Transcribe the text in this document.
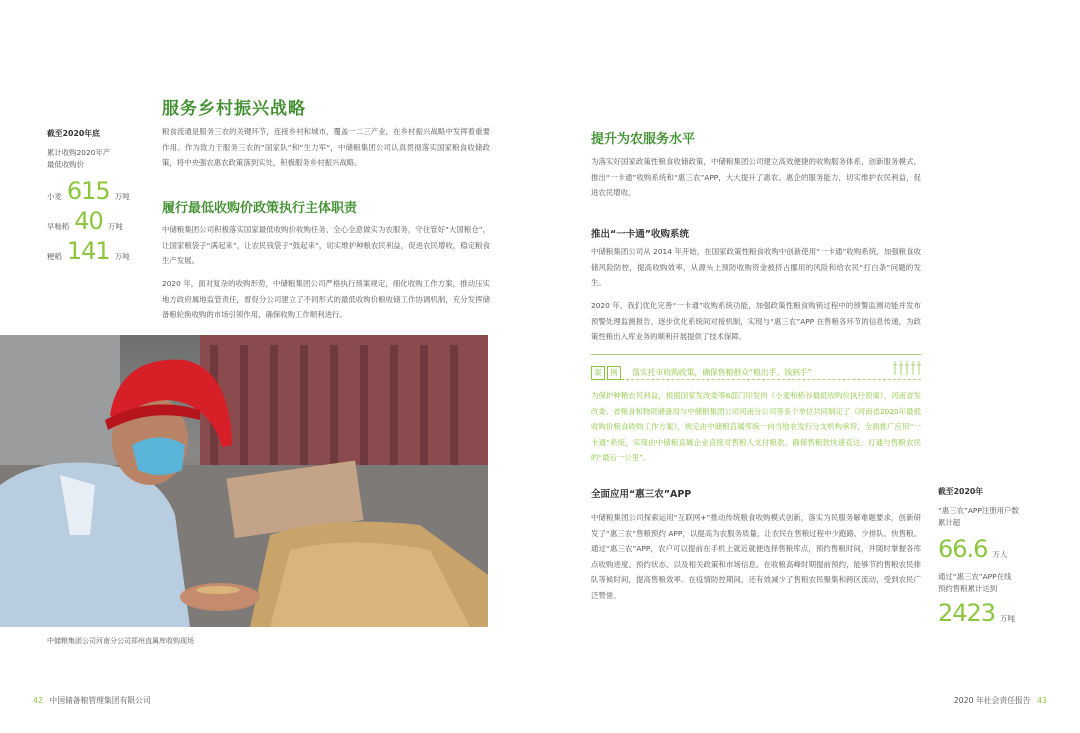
截至2020年底
累计收购2020年产
最低收购价
小麦 615 万吨
早籼稻 40 万吨
粳稻 141 万吨
服务乡村振兴战略
粮食流通是服务三农的关键环节，连接乡村和城市，覆盖一二三产业，在乡村振兴战略中发挥着重要作用。作为致力于服务三农的“国家队”和“生力军”，中储粮集团公司认真贯彻落实国家粮食收储政策，将中央强农惠农政策落到实处，积极服务乡村振兴战略。
履行最低收购价政策执行主体职责
中储粮集团公司积极落实国家最低收购价收购任务，全心全意做实为农服务，守住管好“大国粮仓”，让国家粮袋子“满起来”，让农民钱袋子“鼓起来”，切实维护种粮农民利益，促进农民增收，稳定粮食生产发展。
2020 年，面对复杂的收购形势，中储粮集团公司严格执行预案规定，细化收购工作方案，推动压实地方政府属地监管责任，督促分公司建立了不同形式的最低收购价粮收储工作协调机制，充分发挥储备粮轮换收购的市场引领作用，确保收购工作顺利进行。
中储粮集团公司河南分公司郑州直属库收购现场
提升为农服务水平
为落实好国家政策性粮食收储政策，中储粮集团公司建立高效便捷的收购服务体系，创新服务模式，推出“一卡通”收购系统和“惠三农”APP，大大提升了惠农、惠企的服务能力，切实维护农民利益，促进农民增收。
推出“一卡通”收购系统
中储粮集团公司从 2014 年开始，在国家政策性粮食收购中创新使用“一卡通”收购系统，加强粮食收储风险防控，提高收购效率，从源头上预防收购资金被挤占挪用的风险和给农民“打白条”问题的发生。
2020 年，我们优化完善“一卡通”收购系统功能，加强政策性粮食购销过程中的预警监测功能并发布预警处理监测报告，逐步优化系统间对接机制，实现与“惠三农”APP 在售粮各环节的信息传递，为政策性粮出入库业务的顺利开展提供了技术保障。
案 例 落实托市收购政策，确保售粮群众“粮出手、钱到手”
为保护种粮农民利益，根据国家发改委等6部门印发的《小麦和稻谷最低收购价执行预案》，河南省发改委、省粮食和物资储备局与中储粮集团公司河南分公司等多个单位共同制定了《河南省2020年最低收购价粮食收购工作方案》，规定由中储粮直属库统一向当地农发行分支机构承贷，全面推广应用“一卡通”系统，实现由中储粮直属企业直接对售粮人支付粮款，确保售粮款快速直达、打通与售粮农民的“最后一公里”。
全面应用“惠三农”APP
中储粮集团公司探索运用“互联网+”推动传统粮食收购模式创新，落实为民服务解难题要求，创新研发了“惠三农”售粮预约 APP，以提高为农服务质量，让农民在售粮过程中少跑路、少排队、快售粮。通过“惠三农”APP，农户可以提前在手机上就近就便选择售粮库点，预约售粮时间，并随时掌握各库点收购进度、预约状态、以及相关政策和市场信息。在收粮高峰时期提前预约，能够节约售粮农民排队等候时间，提高售粮效率。在疫情防控期间，还有效减少了售粮农民聚集和跨区流动，受到农民广泛赞誉。
截至2020年
“惠三农”APP注册用户数
累计超
66.6 万人
通过“惠三农”APP在线
预约售粮累计达到
2423 万吨
42 中国储备粮管理集团有限公司	2020 年社会责任报告 43
